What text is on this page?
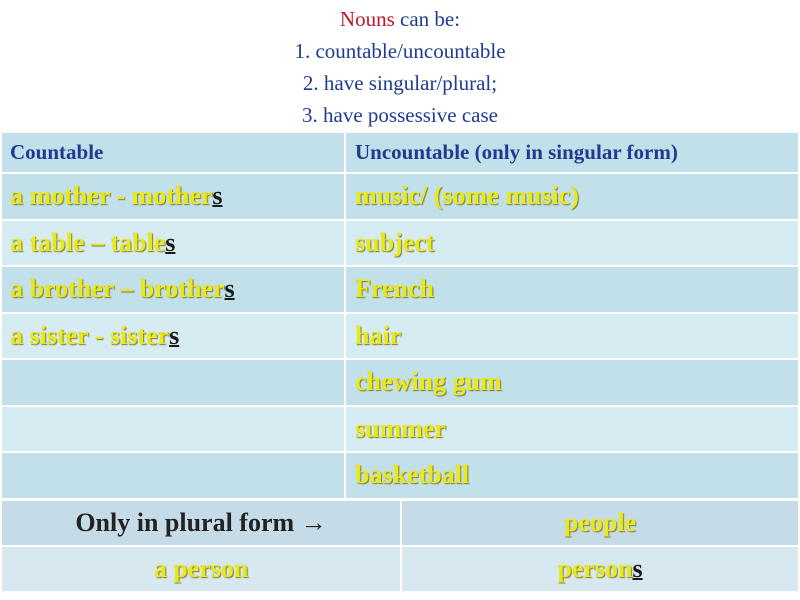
Nouns can be:
1. countable/uncountable
2. have singular/plural;
3. have possessive case
Countable	Uncountable (only in singular form)
a mother - mothers	music/ (some music)
a table – tables	subject
a brother – brothers	French
a sister - sisters	hair
	chewing gum
	summer
	basketball
Only in plural form →	people
a person	persons
